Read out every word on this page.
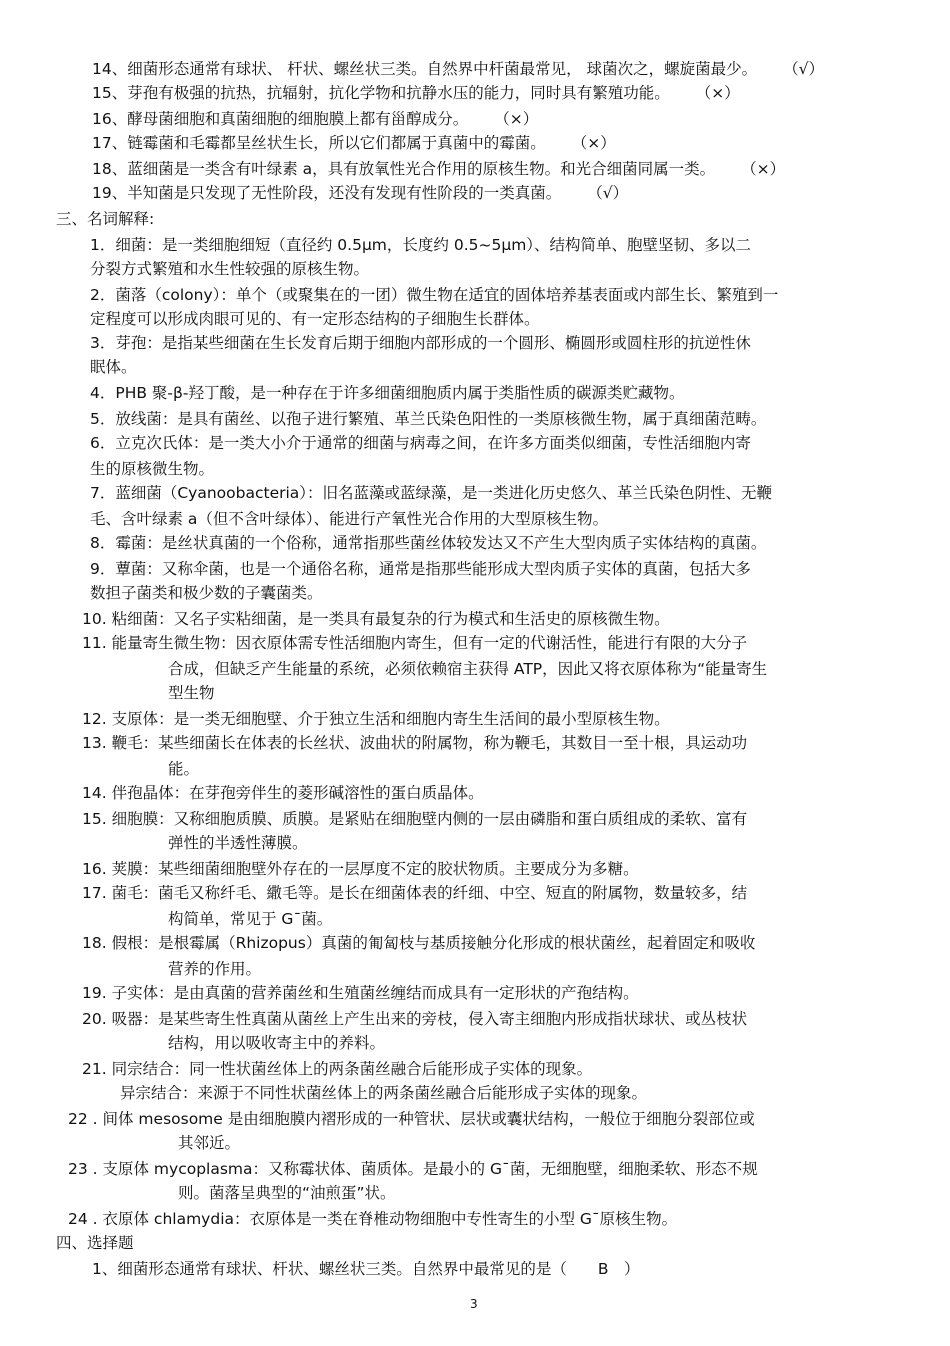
14、细菌形态通常有球状、 杆状、螺丝状三类。自然界中杆菌最常见， 球菌次之，螺旋菌最少。 （√）
15、芽孢有极强的抗热，抗辐射，抗化学物和抗静水压的能力，同时具有繁殖功能。 （×）
16、酵母菌细胞和真菌细胞的细胞膜上都有甾醇成分。 （×）
17、链霉菌和毛霉都呈丝状生长，所以它们都属于真菌中的霉菌。 （×）
18、蓝细菌是一类含有叶绿素 a，具有放氧性光合作用的原核生物。和光合细菌同属一类。 （×）
19、半知菌是只发现了无性阶段，还没有发现有性阶段的一类真菌。 （√）
三、名词解释:
1．细菌：是一类细胞细短（直径约 0.5μm，长度约 0.5~5μm）、结构简单、胞壁坚韧、多以二
分裂方式繁殖和水生性较强的原核生物。
2．菌落（colony）：单个（或聚集在的一团）微生物在适宜的固体培养基表面或内部生长、繁殖到一
定程度可以形成肉眼可见的、有一定形态结构的子细胞生长群体。
3．芽孢：是指某些细菌在生长发育后期于细胞内部形成的一个圆形、椭圆形或圆柱形的抗逆性休
眠体。
4．PHB 聚-β-羟丁酸，是一种存在于许多细菌细胞质内属于类脂性质的碳源类贮藏物。
5．放线菌：是具有菌丝、以孢子进行繁殖、革兰氏染色阳性的一类原核微生物，属于真细菌范畴。
6．立克次氏体：是一类大小介于通常的细菌与病毒之间，在许多方面类似细菌，专性活细胞内寄
生的原核微生物。
7．蓝细菌（Cyanoobacteria）：旧名蓝藻或蓝绿藻，是一类进化历史悠久、革兰氏染色阴性、无鞭
毛、含叶绿素 a（但不含叶绿体）、能进行产氧性光合作用的大型原核生物。
8．霉菌：是丝状真菌的一个俗称，通常指那些菌丝体较发达又不产生大型肉质子实体结构的真菌。
9．蕈菌：又称伞菌，也是一个通俗名称，通常是指那些能形成大型肉质子实体的真菌，包括大多
数担子菌类和极少数的子囊菌类。
10. 粘细菌：又名子实粘细菌，是一类具有最复杂的行为模式和生活史的原核微生物。
11. 能量寄生微生物：因衣原体需专性活细胞内寄生，但有一定的代谢活性，能进行有限的大分子
合成，但缺乏产生能量的系统，必须依赖宿主获得 ATP，因此又将衣原体称为“能量寄生
型生物
12. 支原体：是一类无细胞壁、介于独立生活和细胞内寄生生活间的最小型原核生物。
13. 鞭毛：某些细菌长在体表的长丝状、波曲状的附属物，称为鞭毛，其数目一至十根，具运动功
能。
14. 伴孢晶体：在芽孢旁伴生的菱形碱溶性的蛋白质晶体。
15. 细胞膜：又称细胞质膜、质膜。是紧贴在细胞壁内侧的一层由磷脂和蛋白质组成的柔软、富有
弹性的半透性薄膜。
16. 荚膜：某些细菌细胞壁外存在的一层厚度不定的胶状物质。主要成分为多糖。
17. 菌毛：菌毛又称纤毛、繖毛等。是长在细菌体表的纤细、中空、短直的附属物，数量较多，结
构简单，常见于 G¯菌。
18. 假根：是根霉属（Rhizopus）真菌的匍匐枝与基质接触分化形成的根状菌丝，起着固定和吸收
营养的作用。
19. 子实体：是由真菌的营养菌丝和生殖菌丝缠结而成具有一定形状的产孢结构。
20. 吸器：是某些寄生性真菌从菌丝上产生出来的旁枝，侵入寄主细胞内形成指状球状、或丛枝状
结构，用以吸收寄主中的养料。
21. 同宗结合：同一性状菌丝体上的两条菌丝融合后能形成子实体的现象。
异宗结合：来源于不同性状菌丝体上的两条菌丝融合后能形成子实体的现象。
22 . 间体 mesosome 是由细胞膜内褶形成的一种管状、层状或囊状结构，一般位于细胞分裂部位或
其邻近。
23 . 支原体 mycoplasma：又称霉状体、菌质体。是最小的 G¯菌，无细胞壁，细胞柔软、形态不规
则。菌落呈典型的“油煎蛋”状。
24 . 衣原体 chlamydia：衣原体是一类在脊椎动物细胞中专性寄生的小型 G¯原核生物。
四、选择题
1、细菌形态通常有球状、杆状、螺丝状三类。自然界中最常见的是（　　B　）
3
